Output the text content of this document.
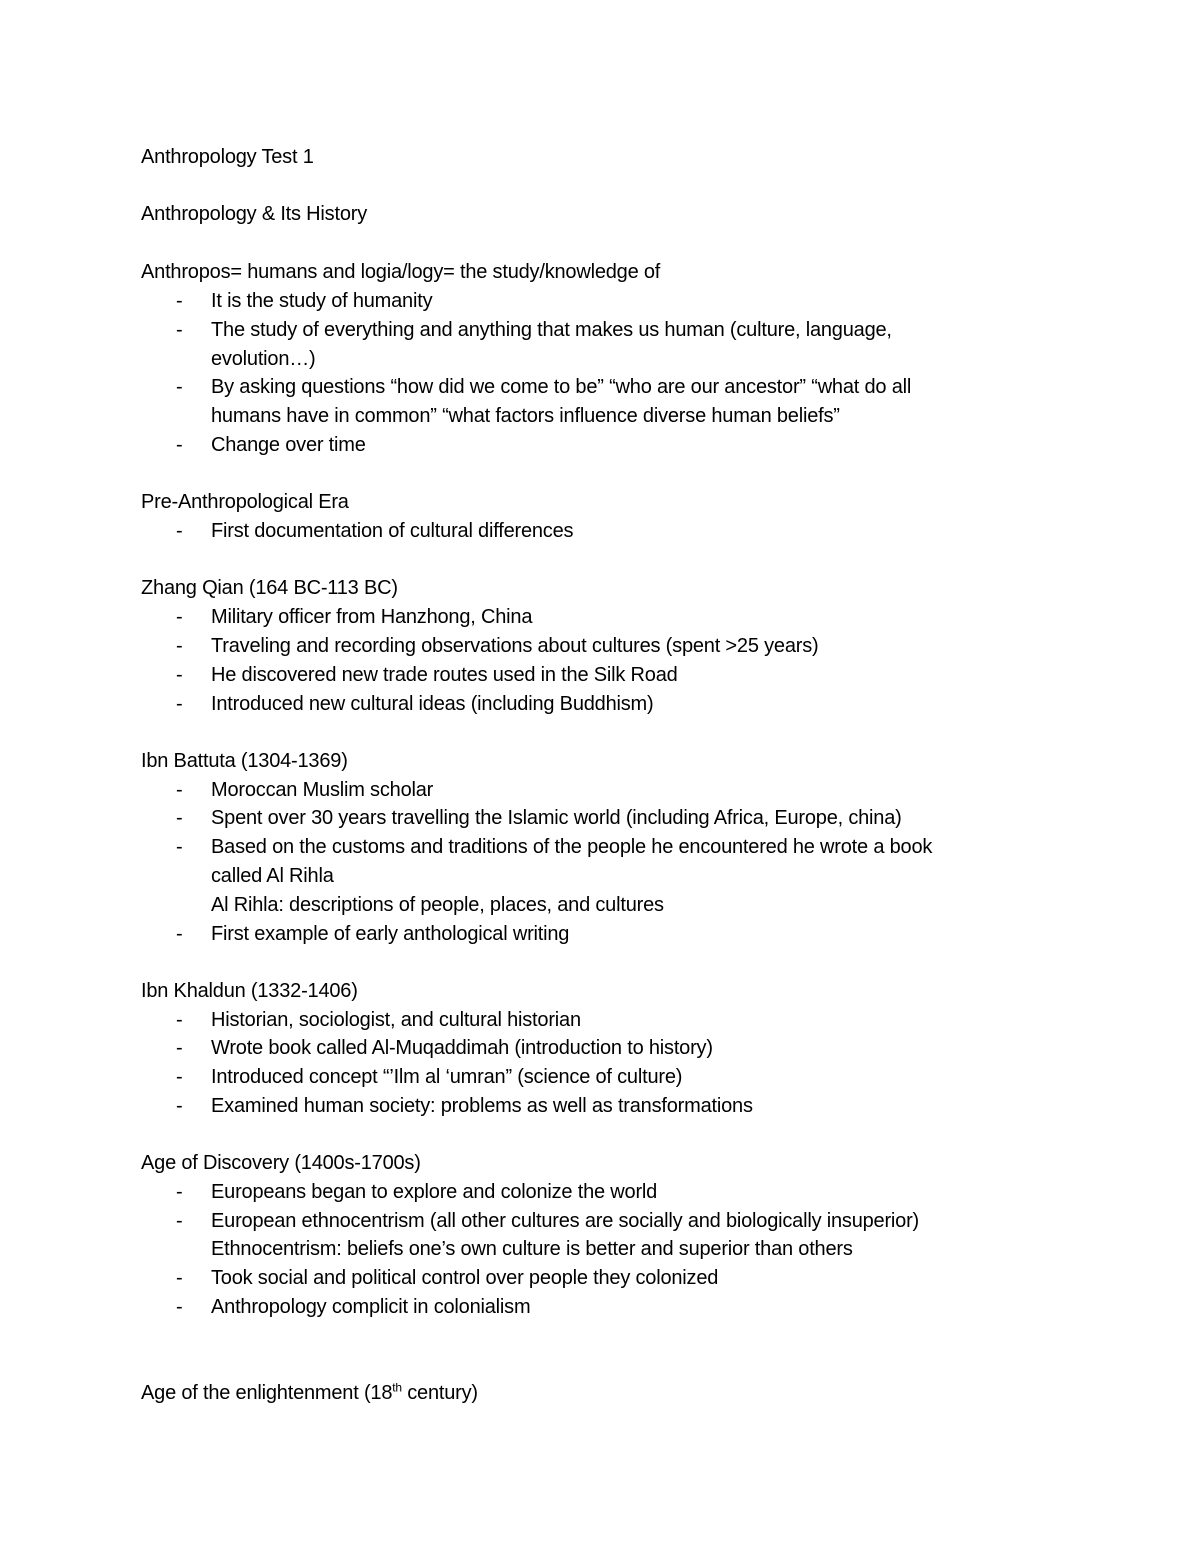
Anthropology Test 1
Anthropology & Its History
Anthropos= humans and logia/logy= the study/knowledge of
- It is the study of humanity
- The study of everything and anything that makes us human (culture, language,
evolution…)
- By asking questions “how did we come to be” “who are our ancestor” “what do all
humans have in common” “what factors influence diverse human beliefs”
- Change over time
Pre-Anthropological Era
- First documentation of cultural differences
Zhang Qian (164 BC-113 BC)
- Military officer from Hanzhong, China
- Traveling and recording observations about cultures (spent >25 years)
- He discovered new trade routes used in the Silk Road
- Introduced new cultural ideas (including Buddhism)
Ibn Battuta (1304-1369)
- Moroccan Muslim scholar
- Spent over 30 years travelling the Islamic world (including Africa, Europe, china)
- Based on the customs and traditions of the people he encountered he wrote a book
called Al Rihla
Al Rihla: descriptions of people, places, and cultures
- First example of early anthological writing
Ibn Khaldun (1332-1406)
- Historian, sociologist, and cultural historian
- Wrote book called Al-Muqaddimah (introduction to history)
- Introduced concept “’Ilm al ‘umran” (science of culture)
- Examined human society: problems as well as transformations
Age of Discovery (1400s-1700s)
- Europeans began to explore and colonize the world
- European ethnocentrism (all other cultures are socially and biologically insuperior)
Ethnocentrism: beliefs one’s own culture is better and superior than others
- Took social and political control over people they colonized
- Anthropology complicit in colonialism
Age of the enlightenment (18th century)
